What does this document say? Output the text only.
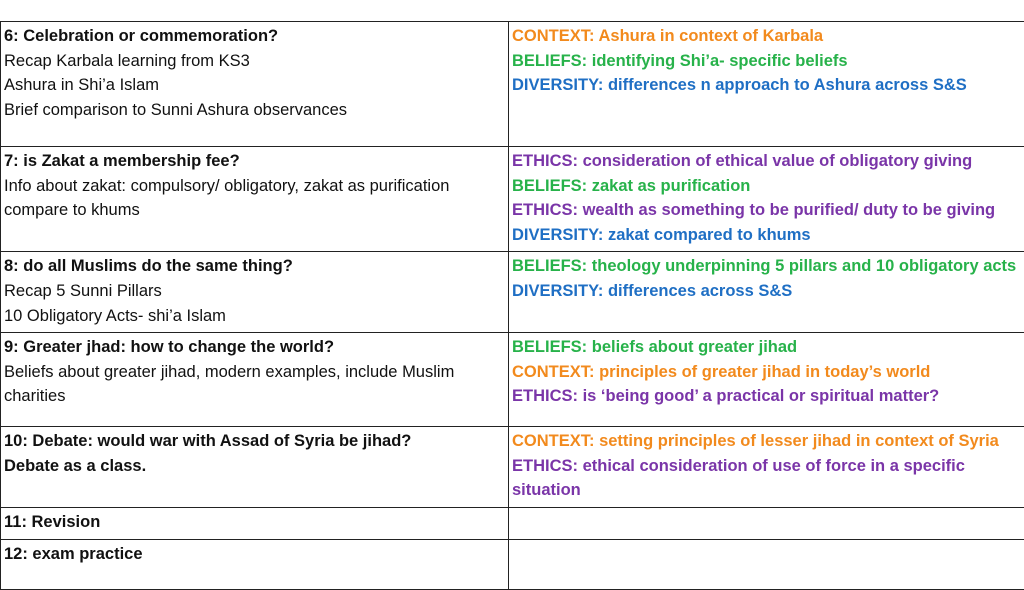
6: Celebration or commemoration?
Recap Karbala learning from KS3
Ashura in Shi’a Islam
Brief comparison to Sunni Ashura observances	CONTEXT: Ashura in context of Karbala
BELIEFS: identifying Shi’a- specific beliefs
DIVERSITY: differences n approach to Ashura across S&S

7: is Zakat a membership fee?
Info about zakat: compulsory/ obligatory, zakat as purification
compare to khums	ETHICS: consideration of ethical value of obligatory giving
BELIEFS: zakat as purification
ETHICS: wealth as something to be purified/ duty to be giving
DIVERSITY: zakat compared to khums

8: do all Muslims do the same thing?
Recap 5 Sunni Pillars
10 Obligatory Acts- shi’a Islam	BELIEFS: theology underpinning 5 pillars and 10 obligatory acts
DIVERSITY: differences across S&S

9: Greater jhad: how to change the world?
Beliefs about greater jihad, modern examples, include Muslim charities	BELIEFS: beliefs about greater jihad
CONTEXT: principles of greater jihad in today’s world
ETHICS: is ‘being good’ a practical or spiritual matter?

10: Debate: would war with Assad of Syria be jihad?
Debate as a class.	CONTEXT: setting principles of lesser jihad in context of Syria
ETHICS: ethical consideration of use of force in a specific situation

11: Revision	

12: exam practice	
